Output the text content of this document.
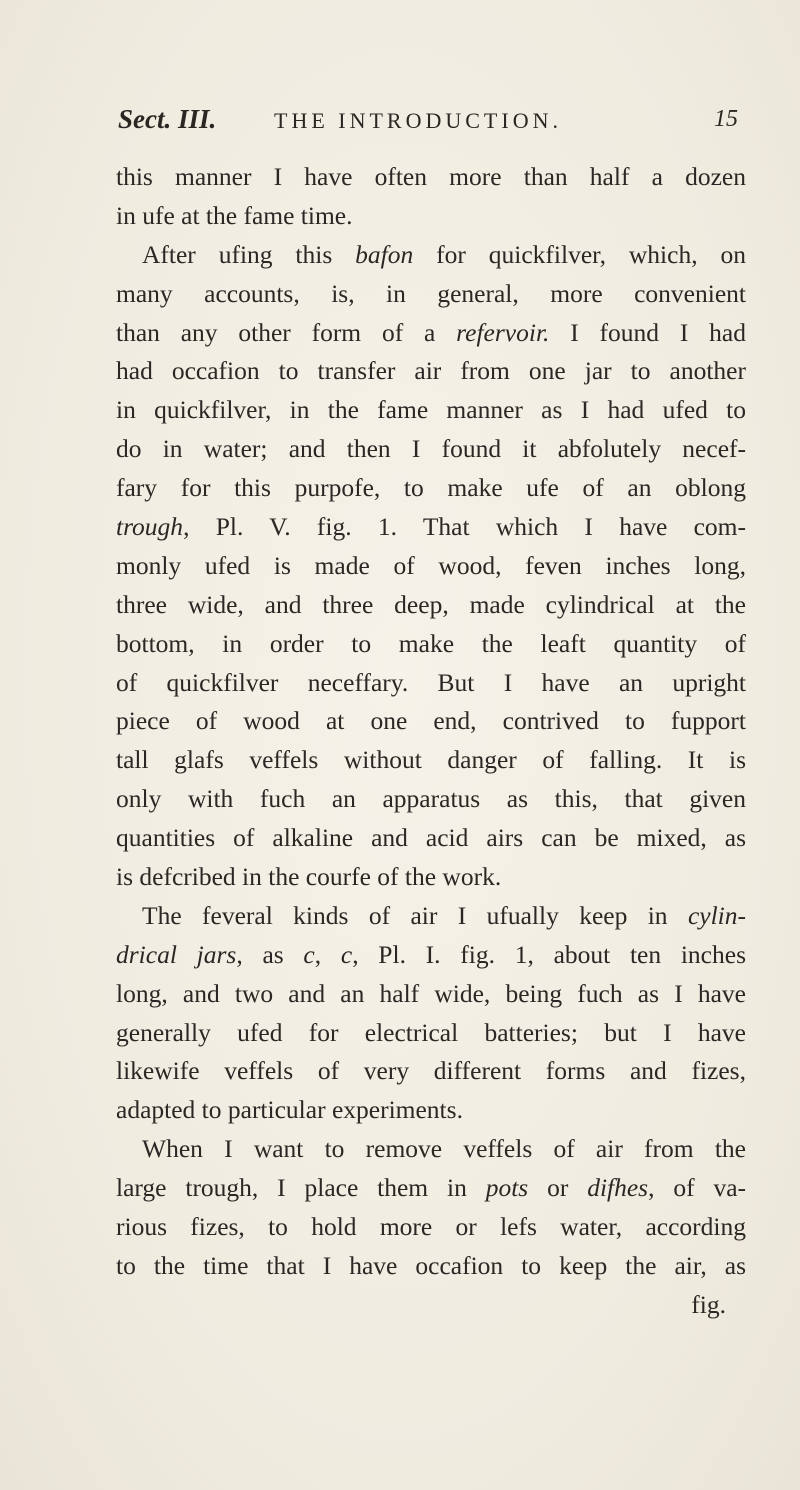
Sect. III.	THE INTRODUCTION.	15
this manner I have often more than half a dozen
in ufe at the fame time.
After ufing this bafon for quickfilver, which, on
many accounts, is, in general, more convenient
than any other form of a refervoir. I found I had
had occafion to transfer air from one jar to another
in quickfilver, in the fame manner as I had ufed to
do in water; and then I found it abfolutely necef-
fary for this purpofe, to make ufe of an oblong
trough, Pl. V. fig. 1. That which I have com-
monly ufed is made of wood, feven inches long,
three wide, and three deep, made cylindrical at the
bottom, in order to make the leaft quantity of
of quickfilver neceffary. But I have an upright
piece of wood at one end, contrived to fupport
tall glafs veffels without danger of falling. It is
only with fuch an apparatus as this, that given
quantities of alkaline and acid airs can be mixed, as
is defcribed in the courfe of the work.
The feveral kinds of air I ufually keep in cylin-
drical jars, as c, c, Pl. I. fig. 1, about ten inches
long, and two and an half wide, being fuch as I have
generally ufed for electrical batteries; but I have
likewife veffels of very different forms and fizes,
adapted to particular experiments.
When I want to remove veffels of air from the
large trough, I place them in pots or difhes, of va-
rious fizes, to hold more or lefs water, according
to the time that I have occafion to keep the air, as
fig.
